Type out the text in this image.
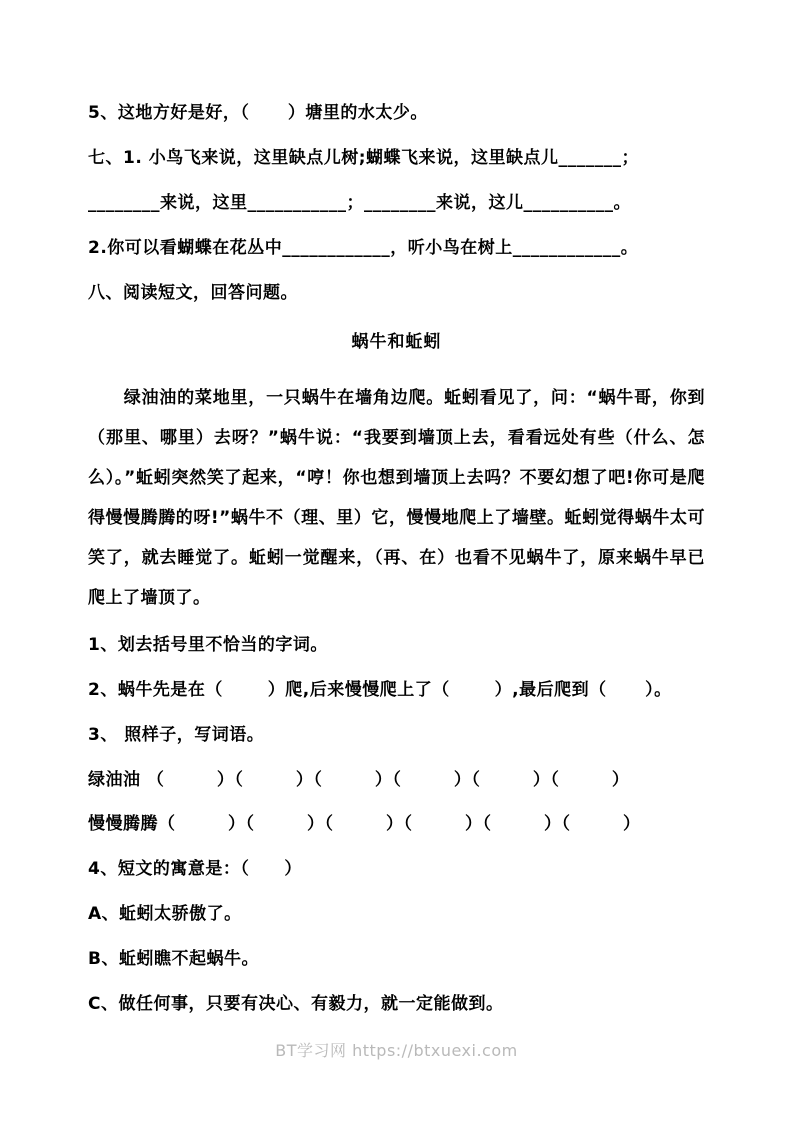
5、这地方好是好，（      ）塘里的水太少。

七、1. 小鸟飞来说，这里缺点儿树;蝴蝶飞来说，这里缺点儿_______；

________来说，这里___________；________来说，这儿__________。

2.你可以看蝴蝶在花丛中____________，听小鸟在树上____________。

八、阅读短文，回答问题。

蜗牛和蚯蚓

绿油油的菜地里，一只蜗牛在墙角边爬。蚯蚓看见了，问：“蜗牛哥，你到（那里、哪里）去呀？”蜗牛说：“我要到墙顶上去，看看远处有些（什么、怎么）。”蚯蚓突然笑了起来，“哼！你也想到墙顶上去吗？不要幻想了吧!你可是爬得慢慢腾腾的呀!”蜗牛不（理、里）它，慢慢地爬上了墙壁。蚯蚓觉得蜗牛太可笑了，就去睡觉了。蚯蚓一觉醒来，（再、在）也看不见蜗牛了，原来蜗牛早已爬上了墙顶了。

1、划去括号里不恰当的字词。

2、蜗牛先是在（       ）爬,后来慢慢爬上了（       ）,最后爬到（      ）。

3、 照样子，写词语。

绿油油 （　　　）（　　　）（　　　）（　　　）（　　　）（　　　）

慢慢腾腾（　　　）（　　　）（　　　）（　　　）（　　　）（　　　）

4、短文的寓意是：（　　）

A、蚯蚓太骄傲了。

B、蚯蚓瞧不起蜗牛。

C、做任何事，只要有决心、有毅力，就一定能做到。

BT学习网 https://btxuexi.com
